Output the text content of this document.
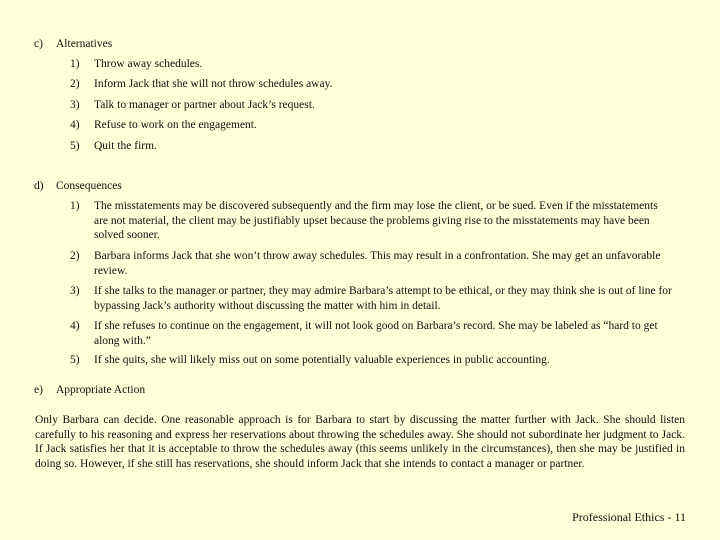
c) Alternatives
1)	Throw away schedules.
2)	Inform Jack that she will not throw schedules away.
3)	Talk to manager or partner about Jack’s request.
4)	Refuse to work on the engagement.
5)	Quit the firm.
d) Consequences
1)	The misstatements may be discovered subsequently and the firm may lose the client, or be sued. Even if the misstatements are not material, the client may be justifiably upset because the problems giving rise to the misstatements may have been solved sooner.
2)	Barbara informs Jack that she won’t throw away schedules. This may result in a confrontation. She may get an unfavorable review.
3)	If she talks to the manager or partner, they may admire Barbara’s attempt to be ethical, or they may think she is out of line for bypassing Jack’s authority without discussing the matter with him in detail.
4)	If she refuses to continue on the engagement, it will not look good on Barbara’s record. She may be labeled as “hard to get along with.”
5)	If she quits, she will likely miss out on some potentially valuable experiences in public accounting.
e) Appropriate Action
Only Barbara can decide. One reasonable approach is for Barbara to start by discussing the matter further with Jack. She should listen carefully to his reasoning and express her reservations about throwing the schedules away. She should not subordinate her judgment to Jack. If Jack satisfies her that it is acceptable to throw the schedules away (this seems unlikely in the circumstances), then she may be justified in doing so. However, if she still has reservations, she should inform Jack that she intends to contact a manager or partner.
Professional Ethics - 11
